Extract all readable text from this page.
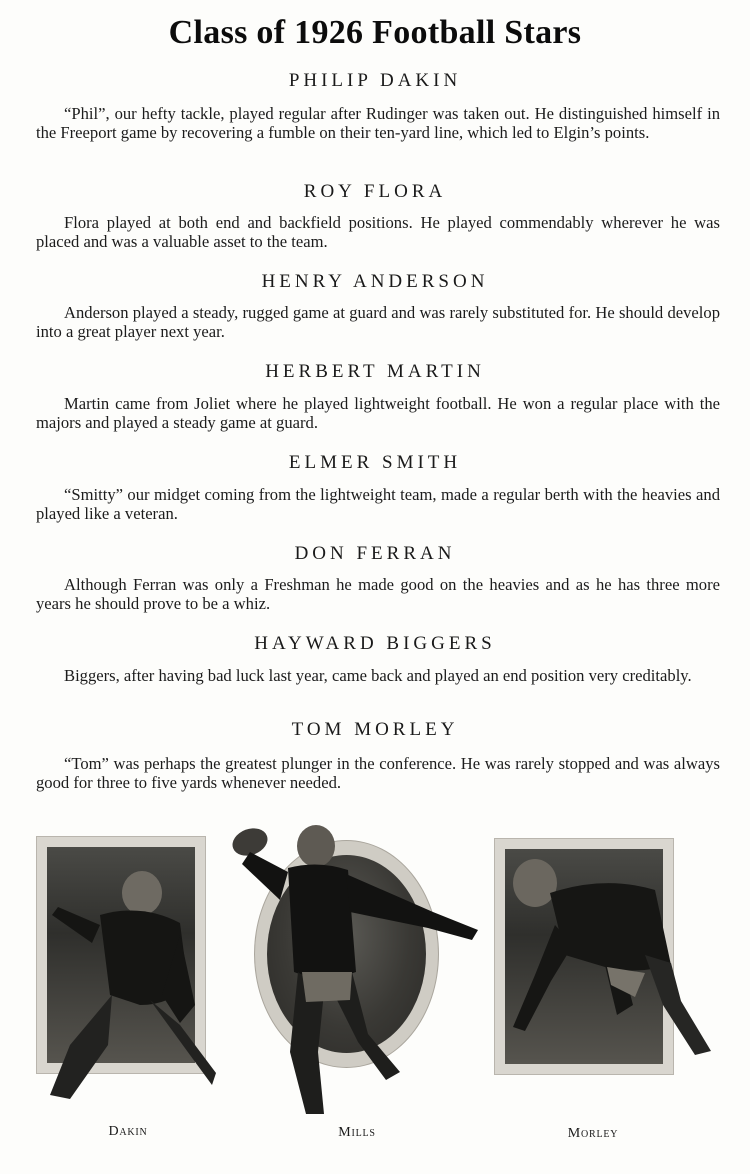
Class of 1926 Football Stars
PHILIP DAKIN
“Phil”, our hefty tackle, played regular after Rudinger was taken out. He distinguished himself in the Freeport game by recovering a fumble on their ten-yard line, which led to Elgin’s points.
ROY FLORA
Flora played at both end and backfield positions. He played commendably wherever he was placed and was a valuable asset to the team.
HENRY ANDERSON
Anderson played a steady, rugged game at guard and was rarely substituted for. He should develop into a great player next year.
HERBERT MARTIN
Martin came from Joliet where he played lightweight football. He won a regular place with the majors and played a steady game at guard.
ELMER SMITH
“Smitty” our midget coming from the lightweight team, made a regular berth with the heavies and played like a veteran.
DON FERRAN
Although Ferran was only a Freshman he made good on the heavies and as he has three more years he should prove to be a whiz.
HAYWARD BIGGERS
Biggers, after having bad luck last year, came back and played an end position very creditably.
TOM MORLEY
“Tom” was perhaps the greatest plunger in the conference. He was rarely stopped and was always good for three to five yards whenever needed.
Dakin	Mills	Morley
